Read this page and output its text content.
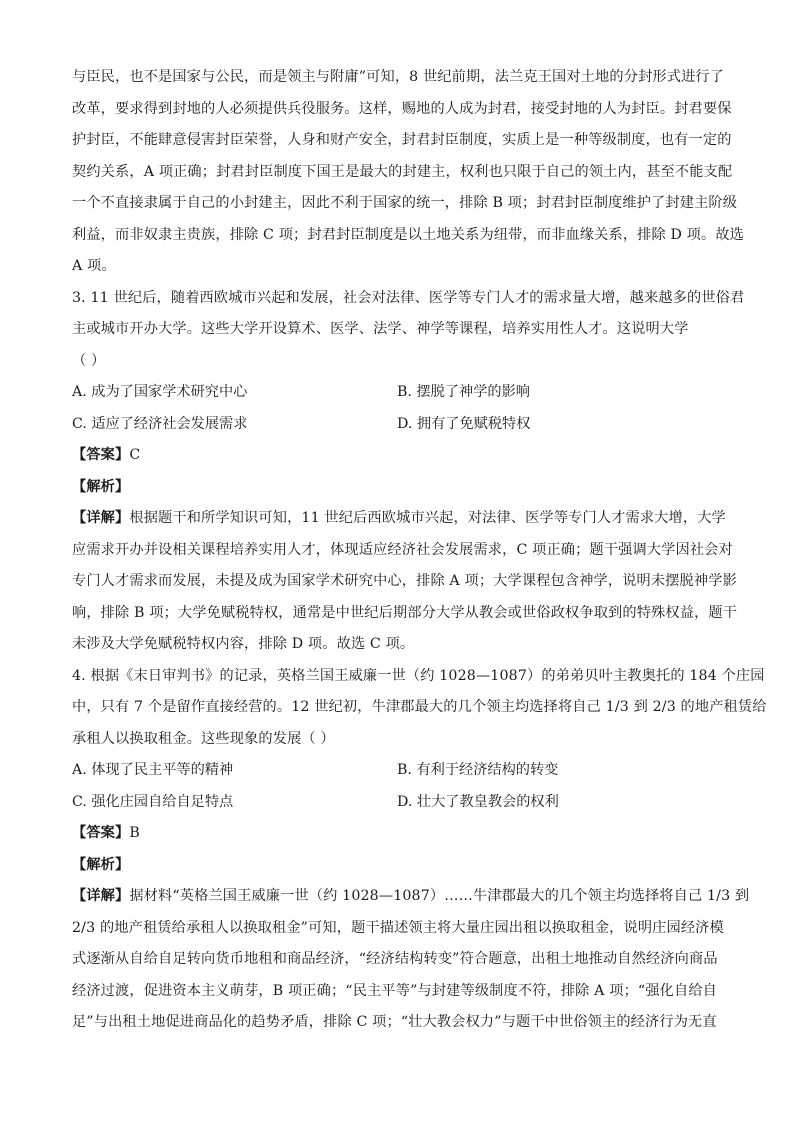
与臣民，也不是国家与公民，而是领主与附庸”可知，8 世纪前期，法兰克王国对土地的分封形式进行了
改革，要求得到封地的人必须提供兵役服务。这样，赐地的人成为封君，接受封地的人为封臣。封君要保
护封臣，不能肆意侵害封臣荣誉，人身和财产安全，封君封臣制度，实质上是一种等级制度，也有一定的
契约关系，A 项正确；封君封臣制度下国王是最大的封建主，权利也只限于自己的领土内，甚至不能支配
一个不直接隶属于自己的小封建主，因此不利于国家的统一，排除 B 项；封君封臣制度维护了封建主阶级
利益，而非奴隶主贵族，排除 C 项；封君封臣制度是以土地关系为纽带，而非血缘关系，排除 D 项。故选
A 项。
3. 11 世纪后，随着西欧城市兴起和发展，社会对法律、医学等专门人才的需求量大增，越来越多的世俗君
主或城市开办大学。这些大学开设算术、医学、法学、神学等课程，培养实用性人才。这说明大学
（ ）
A. 成为了国家学术研究中心	B. 摆脱了神学的影响
C. 适应了经济社会发展需求	D. 拥有了免赋税特权
【答案】C
【解析】
【详解】根据题干和所学知识可知，11 世纪后西欧城市兴起，对法律、医学等专门人才需求大增，大学
应需求开办并设相关课程培养实用人才，体现适应经济社会发展需求，C 项正确；题干强调大学因社会对
专门人才需求而发展，未提及成为国家学术研究中心，排除 A 项；大学课程包含神学，说明未摆脱神学影
响，排除 B 项；大学免赋税特权，通常是中世纪后期部分大学从教会或世俗政权争取到的特殊权益，题干
未涉及大学免赋税特权内容，排除 D 项。故选 C 项。
4. 根据《末日审判书》的记录，英格兰国王威廉一世（约 1028—1087）的弟弟贝叶主教奥托的 184 个庄园
中，只有 7 个是留作直接经营的。12 世纪初，牛津郡最大的几个领主均选择将自己 1/3 到 2/3 的地产租赁给
承租人以换取租金。这些现象的发展（ ）
A. 体现了民主平等的精神	B. 有利于经济结构的转变
C. 强化庄园自给自足特点	D. 壮大了教皇教会的权利
【答案】B
【解析】
【详解】据材料“英格兰国王威廉一世（约 1028—1087）……牛津郡最大的几个领主均选择将自己 1/3 到
2/3 的地产租赁给承租人以换取租金”可知，题干描述领主将大量庄园出租以换取租金，说明庄园经济模
式逐渐从自给自足转向货币地租和商品经济，“经济结构转变”符合题意，出租土地推动自然经济向商品
经济过渡，促进资本主义萌芽，B 项正确；“民主平等”与封建等级制度不符，排除 A 项；“强化自给自
足”与出租土地促进商品化的趋势矛盾，排除 C 项；“壮大教会权力”与题干中世俗领主的经济行为无直
